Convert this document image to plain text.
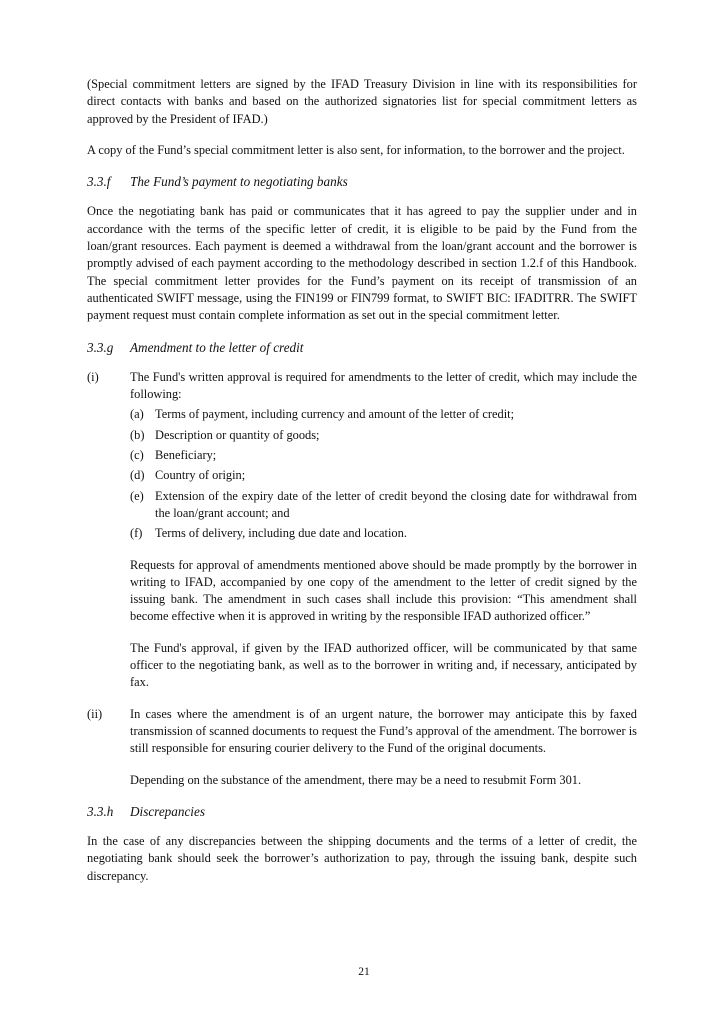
(Special commitment letters are signed by the IFAD Treasury Division in line with its responsibilities for direct contacts with banks and based on the authorized signatories list for special commitment letters as approved by the President of IFAD.)

A copy of the Fund’s special commitment letter is also sent, for information, to the borrower and the project.

3.3.f	The Fund’s payment to negotiating banks

Once the negotiating bank has paid or communicates that it has agreed to pay the supplier under and in accordance with the terms of the specific letter of credit, it is eligible to be paid by the Fund from the loan/grant resources. Each payment is deemed a withdrawal from the loan/grant account and the borrower is promptly advised of each payment according to the methodology described in section 1.2.f of this Handbook. The special commitment letter provides for the Fund’s payment on its receipt of transmission of an authenticated SWIFT message, using the FIN199 or FIN799 format, to SWIFT BIC: IFADITRR. The SWIFT payment request must contain complete information as set out in the special commitment letter.

3.3.g	Amendment to the letter of credit
(i)	The Fund's written approval is required for amendments to the letter of credit, which may include the following:

(a) Terms of payment, including currency and amount of the letter of credit;

(b) Description or quantity of goods;

(c) Beneficiary;

(d) Country of origin;

(e) Extension of the expiry date of the letter of credit beyond the closing date for withdrawal from the loan/grant account; and

(f)	Terms of delivery, including due date and location.

Requests for approval of amendments mentioned above should be made promptly by the borrower in writing to IFAD, accompanied by one copy of the amendment to the letter of credit signed by the issuing bank. The amendment in such cases shall include this provision: “This amendment shall become effective when it is approved in writing by the responsible IFAD authorized officer.”

The Fund's approval, if given by the IFAD authorized officer, will be communicated by that same officer to the negotiating bank, as well as to the borrower in writing and, if necessary, anticipated by fax.

(ii)	In cases where the amendment is of an urgent nature, the borrower may anticipate this by faxed transmission of scanned documents to request the Fund’s approval of the amendment. The borrower is still responsible for ensuring courier delivery to the Fund of the original documents.

Depending on the substance of the amendment, there may be a need to resubmit Form 301.

3.3.h	Discrepancies

In the case of any discrepancies between the shipping documents and the terms of a letter of credit, the negotiating bank should seek the borrower’s authorization to pay, through the issuing bank, despite such discrepancy.

21
